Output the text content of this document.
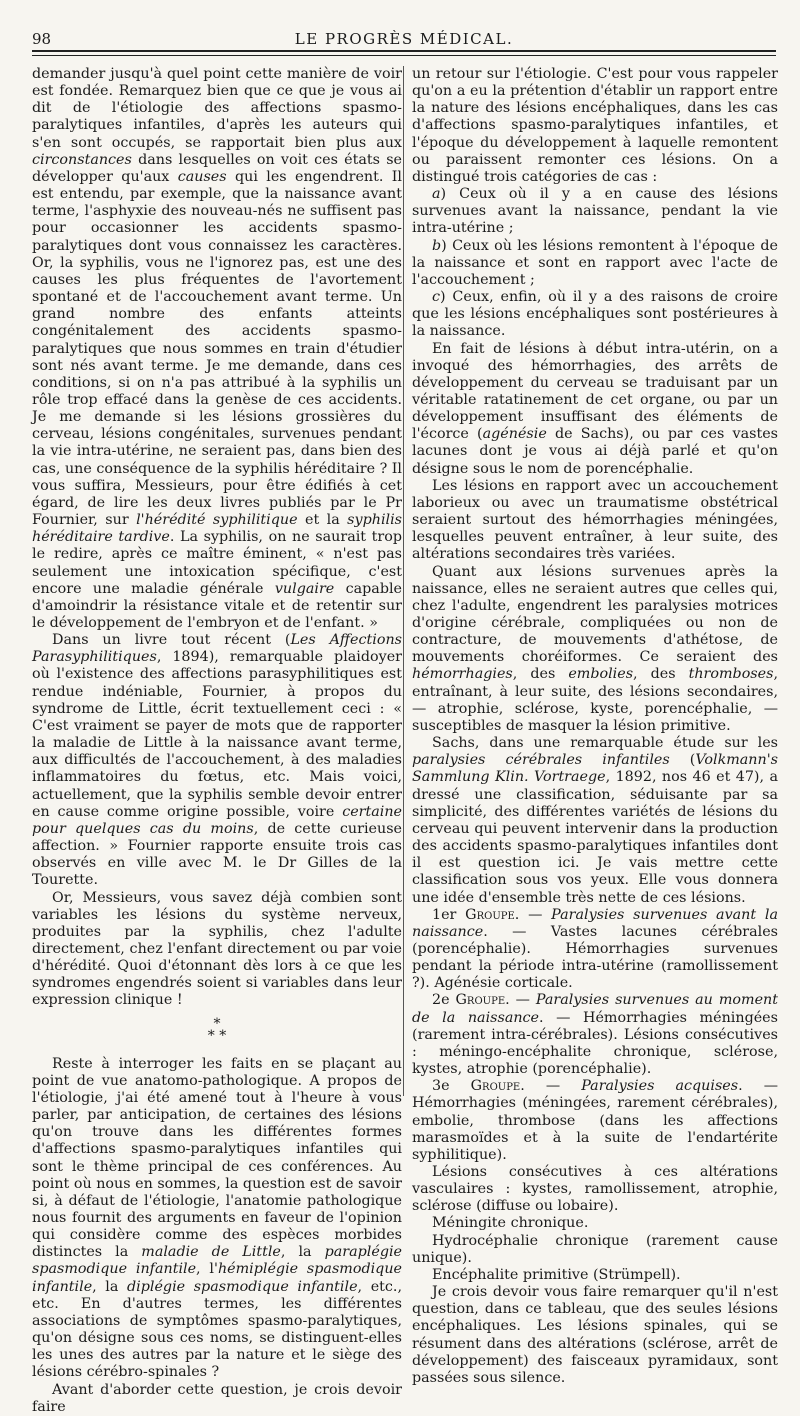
98	LE PROGRÈS MÉDICAL.

demander jusqu'à quel point cette manière de voir est fondée. Remarquez bien que ce que je vous ai dit de l'étiologie des affections spasmo-paralytiques infantiles, d'après les auteurs qui s'en sont occupés, se rapportait bien plus aux circonstances dans lesquelles on voit ces états se développer qu'aux causes qui les engendrent. Il est entendu, par exemple, que la naissance avant terme, l'asphyxie des nouveau-nés ne suffisent pas pour occasionner les accidents spasmo-paralytiques dont vous connaissez les caractères. Or, la syphilis, vous ne l'ignorez pas, est une des causes les plus fréquentes de l'avortement spontané et de l'accouchement avant terme. Un grand nombre des enfants atteints congénitalement des accidents spasmo-paralytiques que nous sommes en train d'étudier sont nés avant terme. Je me demande, dans ces conditions, si on n'a pas attribué à la syphilis un rôle trop effacé dans la genèse de ces accidents. Je me demande si les lésions grossières du cerveau, lésions congénitales, survenues pendant la vie intra-utérine, ne seraient pas, dans bien des cas, une conséquence de la syphilis héréditaire ? Il vous suffira, Messieurs, pour être édifiés à cet égard, de lire les deux livres publiés par le Pr Fournier, sur l'hérédité syphilitique et la syphilis héréditaire tardive. La syphilis, on ne saurait trop le redire, après ce maître éminent, « n'est pas seulement une intoxication spécifique, c'est encore une maladie générale vulgaire capable d'amoindrir la résistance vitale et de retentir sur le développement de l'embryon et de l'enfant. »

Dans un livre tout récent (Les Affections Parasyphilitiques, 1894), remarquable plaidoyer où l'existence des affections parasyphilitiques est rendue indéniable, Fournier, à propos du syndrome de Little, écrit textuellement ceci : « C'est vraiment se payer de mots que de rapporter la maladie de Little à la naissance avant terme, aux difficultés de l'accouchement, à des maladies inflammatoires du fœtus, etc. Mais voici, actuellement, que la syphilis semble devoir entrer en cause comme origine possible, voire certaine pour quelques cas du moins, de cette curieuse affection. » Fournier rapporte ensuite trois cas observés en ville avec M. le Dr Gilles de la Tourette.

Or, Messieurs, vous savez déjà combien sont variables les lésions du système nerveux, produites par la syphilis, chez l'adulte directement, chez l'enfant directement ou par voie d'hérédité. Quoi d'étonnant dès lors à ce que les syndromes engendrés soient si variables dans leur expression clinique !

*
* *

Reste à interroger les faits en se plaçant au point de vue anatomo-pathologique. A propos de l'étiologie, j'ai été amené tout à l'heure à vous parler, par anticipation, de certaines des lésions qu'on trouve dans les différentes formes d'affections spasmo-paralytiques infantiles qui sont le thème principal de ces conférences. Au point où nous en sommes, la question est de savoir si, à défaut de l'étiologie, l'anatomie pathologique nous fournit des arguments en faveur de l'opinion qui considère comme des espèces morbides distinctes la maladie de Little, la paraplégie spasmodique infantile, l'hémiplégie spasmodique infantile, la diplégie spasmodique infantile, etc., etc. En d'autres termes, les différentes associations de symptômes spasmo-paralytiques, qu'on désigne sous ces noms, se distinguent-elles les unes des autres par la nature et le siège des lésions cérébro-spinales ?

Avant d'aborder cette question, je crois devoir faire

un retour sur l'étiologie. C'est pour vous rappeler qu'on a eu la prétention d'établir un rapport entre la nature des lésions encéphaliques, dans les cas d'affections spasmo-paralytiques infantiles, et l'époque du développement à laquelle remontent ou paraissent remonter ces lésions. On a distingué trois catégories de cas :

a) Ceux où il y a en cause des lésions survenues avant la naissance, pendant la vie intra-utérine ;

b) Ceux où les lésions remontent à l'époque de la naissance et sont en rapport avec l'acte de l'accouchement ;

c) Ceux, enfin, où il y a des raisons de croire que les lésions encéphaliques sont postérieures à la naissance.

En fait de lésions à début intra-utérin, on a invoqué des hémorrhagies, des arrêts de développement du cerveau se traduisant par un véritable ratatinement de cet organe, ou par un développement insuffisant des éléments de l'écorce (agénésie de Sachs), ou par ces vastes lacunes dont je vous ai déjà parlé et qu'on désigne sous le nom de porencéphalie.

Les lésions en rapport avec un accouchement laborieux ou avec un traumatisme obstétrical seraient surtout des hémorrhagies méningées, lesquelles peuvent entraîner, à leur suite, des altérations secondaires très variées.

Quant aux lésions survenues après la naissance, elles ne seraient autres que celles qui, chez l'adulte, engendrent les paralysies motrices d'origine cérébrale, compliquées ou non de contracture, de mouvements d'athétose, de mouvements choréiformes. Ce seraient des hémorrhagies, des embolies, des thromboses, entraînant, à leur suite, des lésions secondaires, — atrophie, sclérose, kyste, porencéphalie, — susceptibles de masquer la lésion primitive.

Sachs, dans une remarquable étude sur les paralysies cérébrales infantiles (Volkmann's Sammlung Klin. Vortraege, 1892, nos 46 et 47), a dressé une classification, séduisante par sa simplicité, des différentes variétés de lésions du cerveau qui peuvent intervenir dans la production des accidents spasmo-paralytiques infantiles dont il est question ici. Je vais mettre cette classification sous vos yeux. Elle vous donnera une idée d'ensemble très nette de ces lésions.

1er Groupe. — Paralysies survenues avant la naissance. — Vastes lacunes cérébrales (porencéphalie). Hémorrhagies survenues pendant la période intra-utérine (ramollissement ?). Agénésie corticale.

2e Groupe. — Paralysies survenues au moment de la naissance. — Hémorrhagies méningées (rarement intra-cérébrales). Lésions consécutives : méningo-encéphalite chronique, sclérose, kystes, atrophie (porencéphalie).

3e Groupe. — Paralysies acquises. — Hémorrhagies (méningées, rarement cérébrales), embolie, thrombose (dans les affections marasmoïdes et à la suite de l'endartérite syphilitique).

Lésions consécutives à ces altérations vasculaires : kystes, ramollissement, atrophie, sclérose (diffuse ou lobaire).

Méningite chronique.

Hydrocéphalie chronique (rarement cause unique).

Encéphalite primitive (Strümpell).

Je crois devoir vous faire remarquer qu'il n'est question, dans ce tableau, que des seules lésions encéphaliques. Les lésions spinales, qui se résument dans des altérations (sclérose, arrêt de développement) des faisceaux pyramidaux, sont passées sous silence.
